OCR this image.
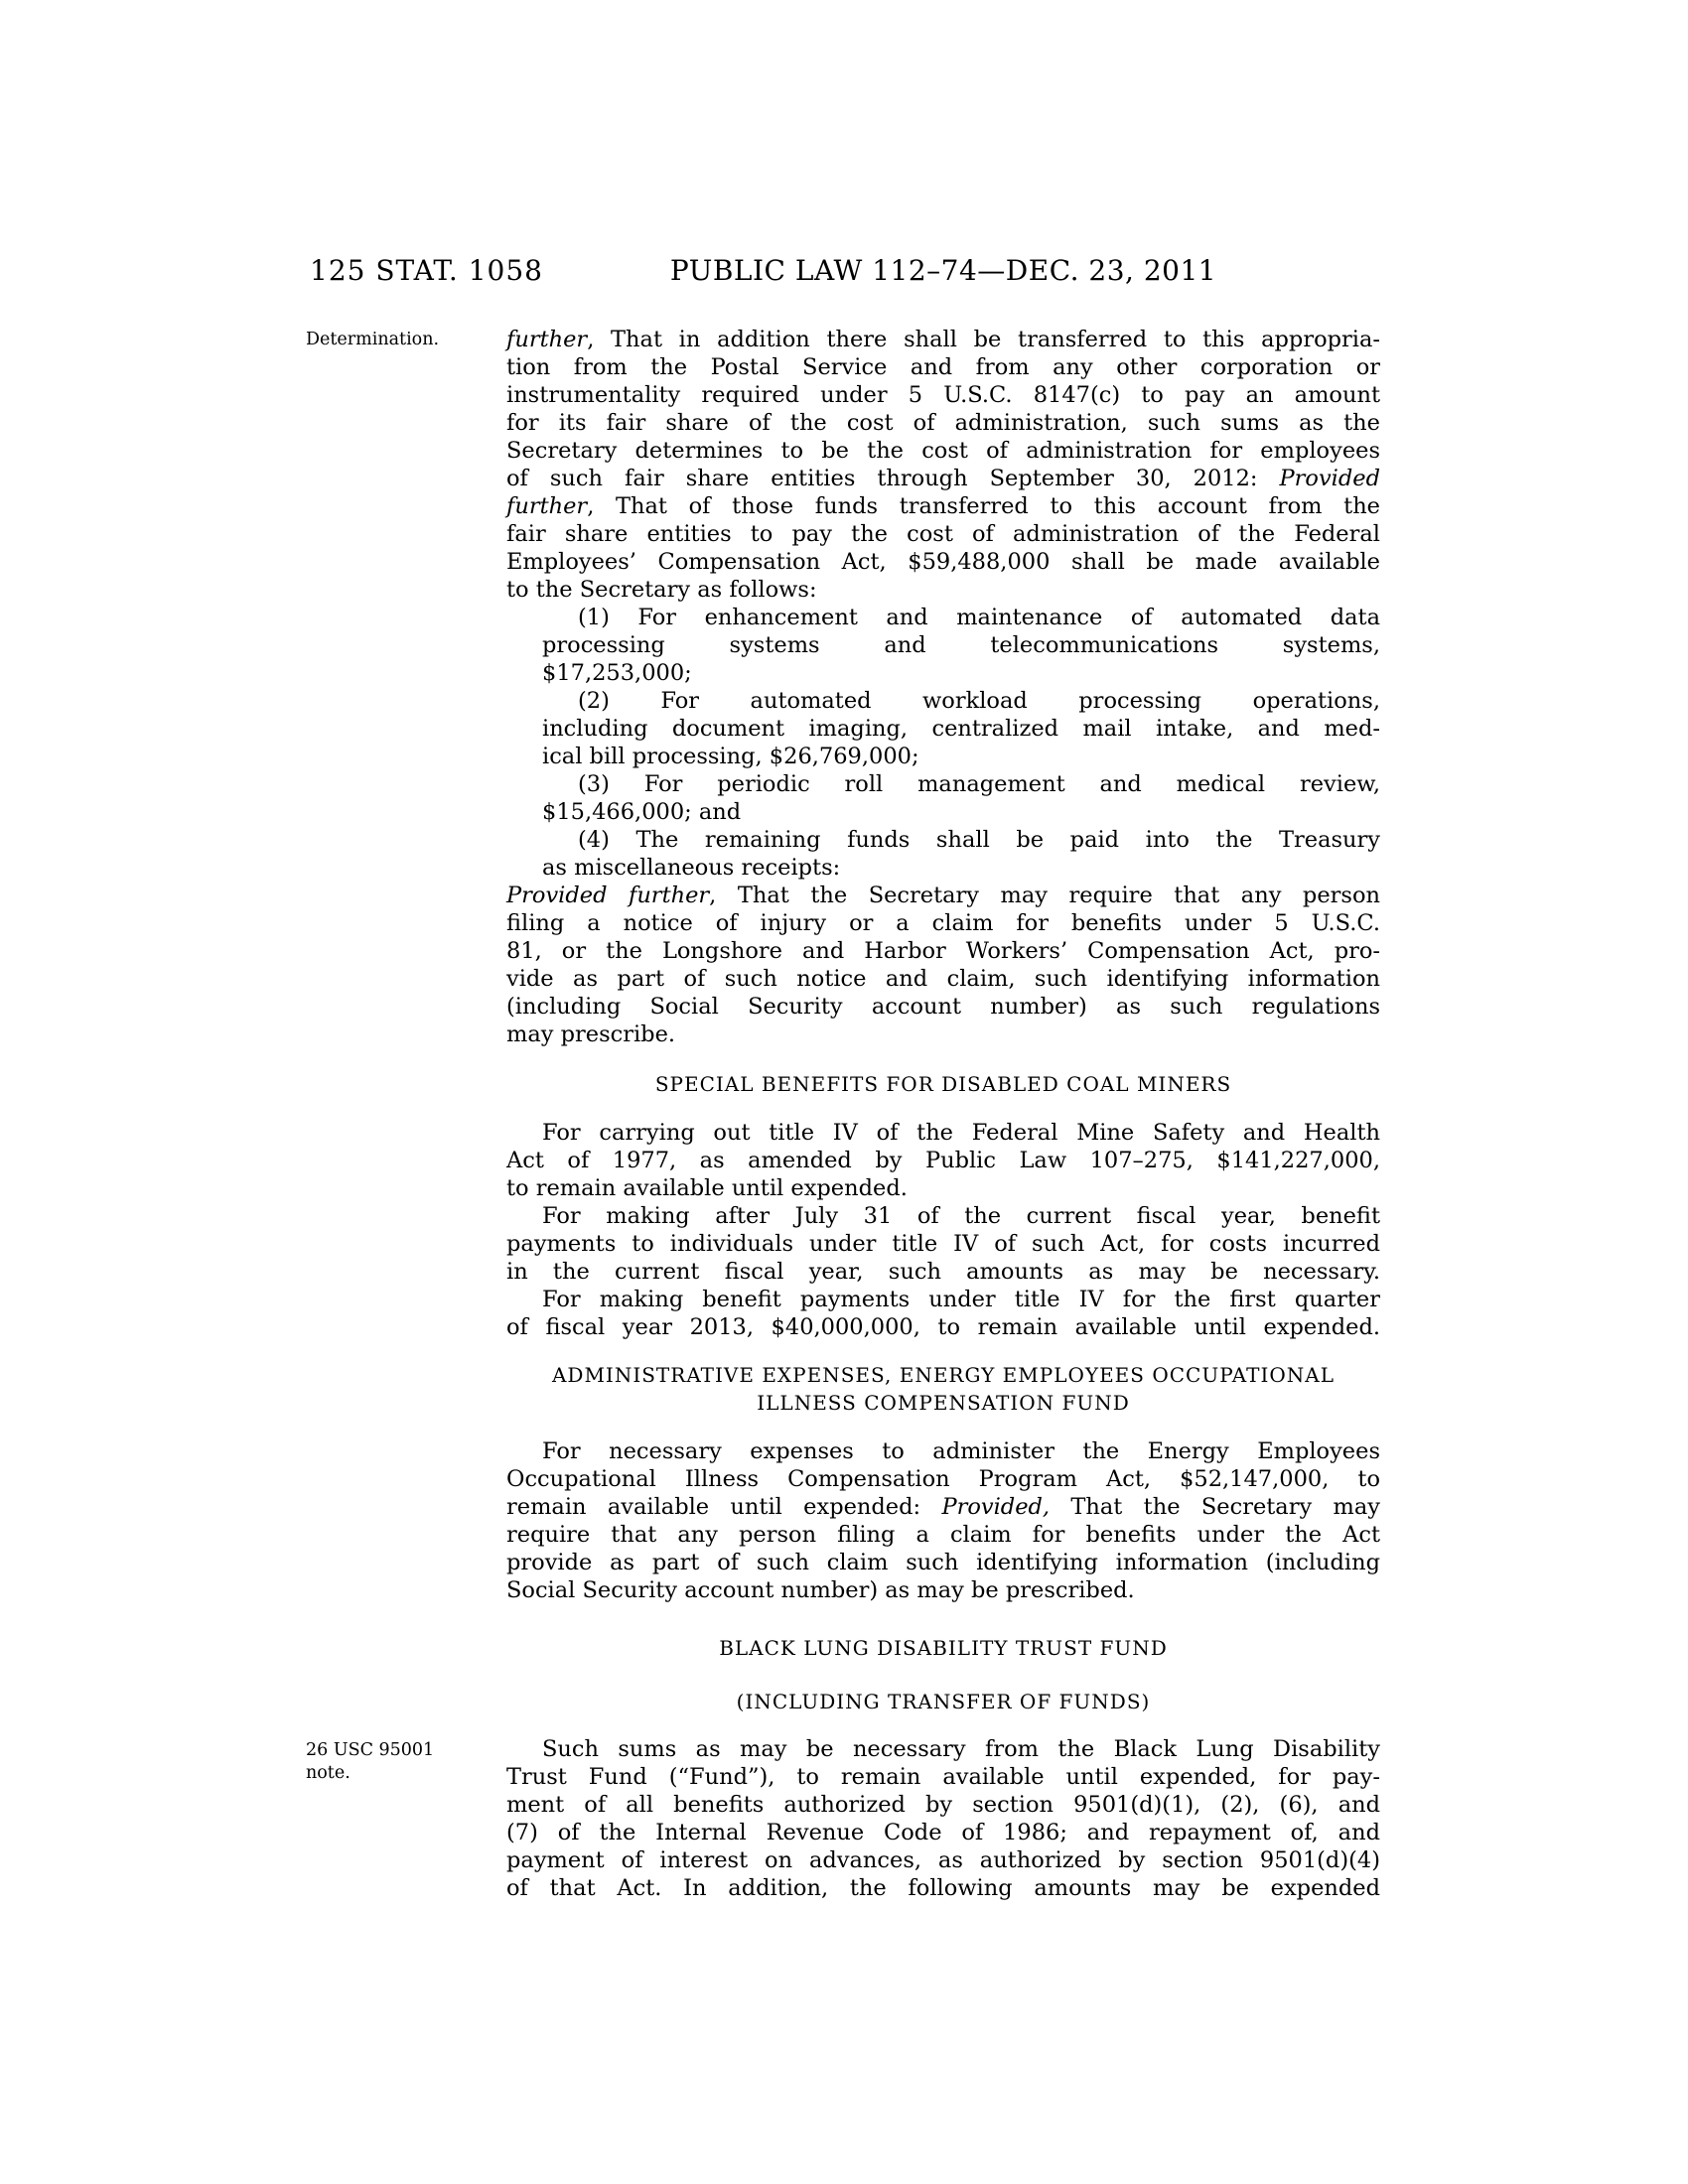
125 STAT. 1058	PUBLIC LAW 112–74—DEC. 23, 2011
Determination.
26 USC 95001
note.
further, That in addition there shall be transferred to this appropria-
tion from the Postal Service and from any other corporation or
instrumentality required under 5 U.S.C. 8147(c) to pay an amount
for its fair share of the cost of administration, such sums as the
Secretary determines to be the cost of administration for employees
of such fair share entities through September 30, 2012: Provided
further, That of those funds transferred to this account from the
fair share entities to pay the cost of administration of the Federal
Employees’ Compensation Act, $59,488,000 shall be made available
to the Secretary as follows:
(1) For enhancement and maintenance of automated data
processing systems and telecommunications systems,
$17,253,000;
(2) For automated workload processing operations,
including document imaging, centralized mail intake, and med-
ical bill processing, $26,769,000;
(3) For periodic roll management and medical review,
$15,466,000; and
(4) The remaining funds shall be paid into the Treasury
as miscellaneous receipts:
Provided further, That the Secretary may require that any person
filing a notice of injury or a claim for benefits under 5 U.S.C.
81, or the Longshore and Harbor Workers’ Compensation Act, pro-
vide as part of such notice and claim, such identifying information
(including Social Security account number) as such regulations
may prescribe.
SPECIAL BENEFITS FOR DISABLED COAL MINERS
For carrying out title IV of the Federal Mine Safety and Health
Act of 1977, as amended by Public Law 107–275, $141,227,000,
to remain available until expended.
For making after July 31 of the current fiscal year, benefit
payments to individuals under title IV of such Act, for costs incurred
in the current fiscal year, such amounts as may be necessary.
For making benefit payments under title IV for the first quarter
of fiscal year 2013, $40,000,000, to remain available until expended.
ADMINISTRATIVE EXPENSES, ENERGY EMPLOYEES OCCUPATIONAL
ILLNESS COMPENSATION FUND
For necessary expenses to administer the Energy Employees
Occupational Illness Compensation Program Act, $52,147,000, to
remain available until expended: Provided, That the Secretary may
require that any person filing a claim for benefits under the Act
provide as part of such claim such identifying information (including
Social Security account number) as may be prescribed.
BLACK LUNG DISABILITY TRUST FUND
(INCLUDING TRANSFER OF FUNDS)
Such sums as may be necessary from the Black Lung Disability
Trust Fund (“Fund”), to remain available until expended, for pay-
ment of all benefits authorized by section 9501(d)(1), (2), (6), and
(7) of the Internal Revenue Code of 1986; and repayment of, and
payment of interest on advances, as authorized by section 9501(d)(4)
of that Act. In addition, the following amounts may be expended
